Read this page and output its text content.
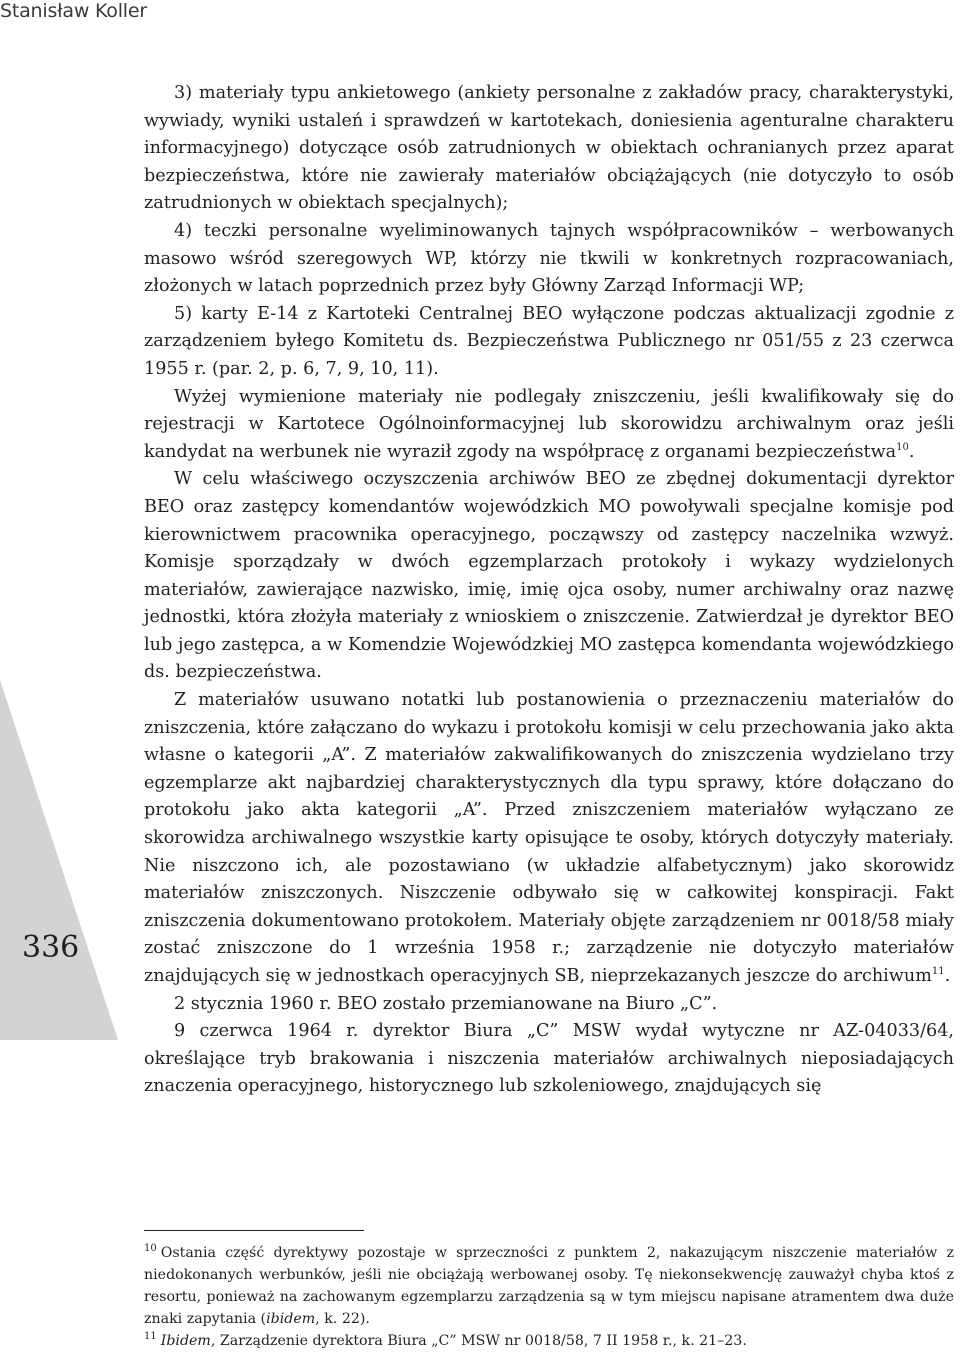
Stanisław Koller
336

3) materiały typu ankietowego (ankiety personalne z zakładów pracy, charakterystyki, wywiady, wyniki ustaleń i sprawdzeń w kartotekach, doniesienia agenturalne charakteru informacyjnego) dotyczące osób zatrudnionych w obiektach ochranianych przez aparat bezpieczeństwa, które nie zawierały materiałów obciążających (nie dotyczyło to osób zatrudnionych w obiektach specjalnych);

4) teczki personalne wyeliminowanych tajnych współpracowników – werbowanych masowo wśród szeregowych WP, którzy nie tkwili w konkretnych rozpracowaniach, złożonych w latach poprzednich przez były Główny Zarząd Informacji WP;

5) karty E-14 z Kartoteki Centralnej BEO wyłączone podczas aktualizacji zgodnie z zarządzeniem byłego Komitetu ds. Bezpieczeństwa Publicznego nr 051/55 z 23 czerwca 1955 r. (par. 2, p. 6, 7, 9, 10, 11).

Wyżej wymienione materiały nie podlegały zniszczeniu, jeśli kwalifikowały się do rejestracji w Kartotece Ogólnoinformacyjnej lub skorowidzu archiwalnym oraz jeśli kandydat na werbunek nie wyraził zgody na współpracę z organami bezpieczeństwa$^{10}$.

W celu właściwego oczyszczenia archiwów BEO ze zbędnej dokumentacji dyrektor BEO oraz zastępcy komendantów wojewódzkich MO powoływali specjalne komisje pod kierownictwem pracownika operacyjnego, począwszy od zastępcy naczelnika wzwyż. Komisje sporządzały w dwóch egzemplarzach protokoły i wykazy wydzielonych materiałów, zawierające nazwisko, imię, imię ojca osoby, numer archiwalny oraz nazwę jednostki, która złożyła materiały z wnioskiem o zniszczenie. Zatwierdzał je dyrektor BEO lub jego zastępca, a w Komendzie Wojewódzkiej MO zastępca komendanta wojewódzkiego ds. bezpieczeństwa.

Z materiałów usuwano notatki lub postanowienia o przeznaczeniu materiałów do zniszczenia, które załączano do wykazu i protokołu komisji w celu przechowania jako akta własne o kategorii „A”. Z materiałów zakwalifikowanych do zniszczenia wydzielano trzy egzemplarze akt najbardziej charakterystycznych dla typu sprawy, które dołączano do protokołu jako akta kategorii „A”. Przed zniszczeniem materiałów wyłączano ze skorowidza archiwalnego wszystkie karty opisujące te osoby, których dotyczyły materiały. Nie niszczono ich, ale pozostawiano (w układzie alfabetycznym) jako skorowidz materiałów zniszczonych. Niszczenie odbywało się w całkowitej konspiracji. Fakt zniszczenia dokumentowano protokołem. Materiały objęte zarządzeniem nr 0018/58 miały zostać zniszczone do 1 września 1958 r.; zarządzenie nie dotyczyło materiałów znajdujących się w jednostkach operacyjnych SB, nieprzekazanych jeszcze do archiwum$^{11}$.

2 stycznia 1960 r. BEO zostało przemianowane na Biuro „C”.

9 czerwca 1964 r. dyrektor Biura „C” MSW wydał wytyczne nr AZ-04033/64, określające tryb brakowania i niszczenia materiałów archiwalnych nieposiadających znaczenia operacyjnego, historycznego lub szkoleniowego, znajdujących się

$^{10}$ Ostania część dyrektywy pozostaje w sprzeczności z punktem 2, nakazującym niszczenie materiałów z niedokonanych werbunków, jeśli nie obciążają werbowanej osoby. Tę niekonsekwencję zauważył chyba ktoś z resortu, ponieważ na zachowanym egzemplarzu zarządzenia są w tym miejscu napisane atramentem dwa duże znaki zapytania (ibidem, k. 22).

$^{11}$ Ibidem, Zarządzenie dyrektora Biura „C” MSW nr 0018/58, 7 II 1958 r., k. 21–23.
